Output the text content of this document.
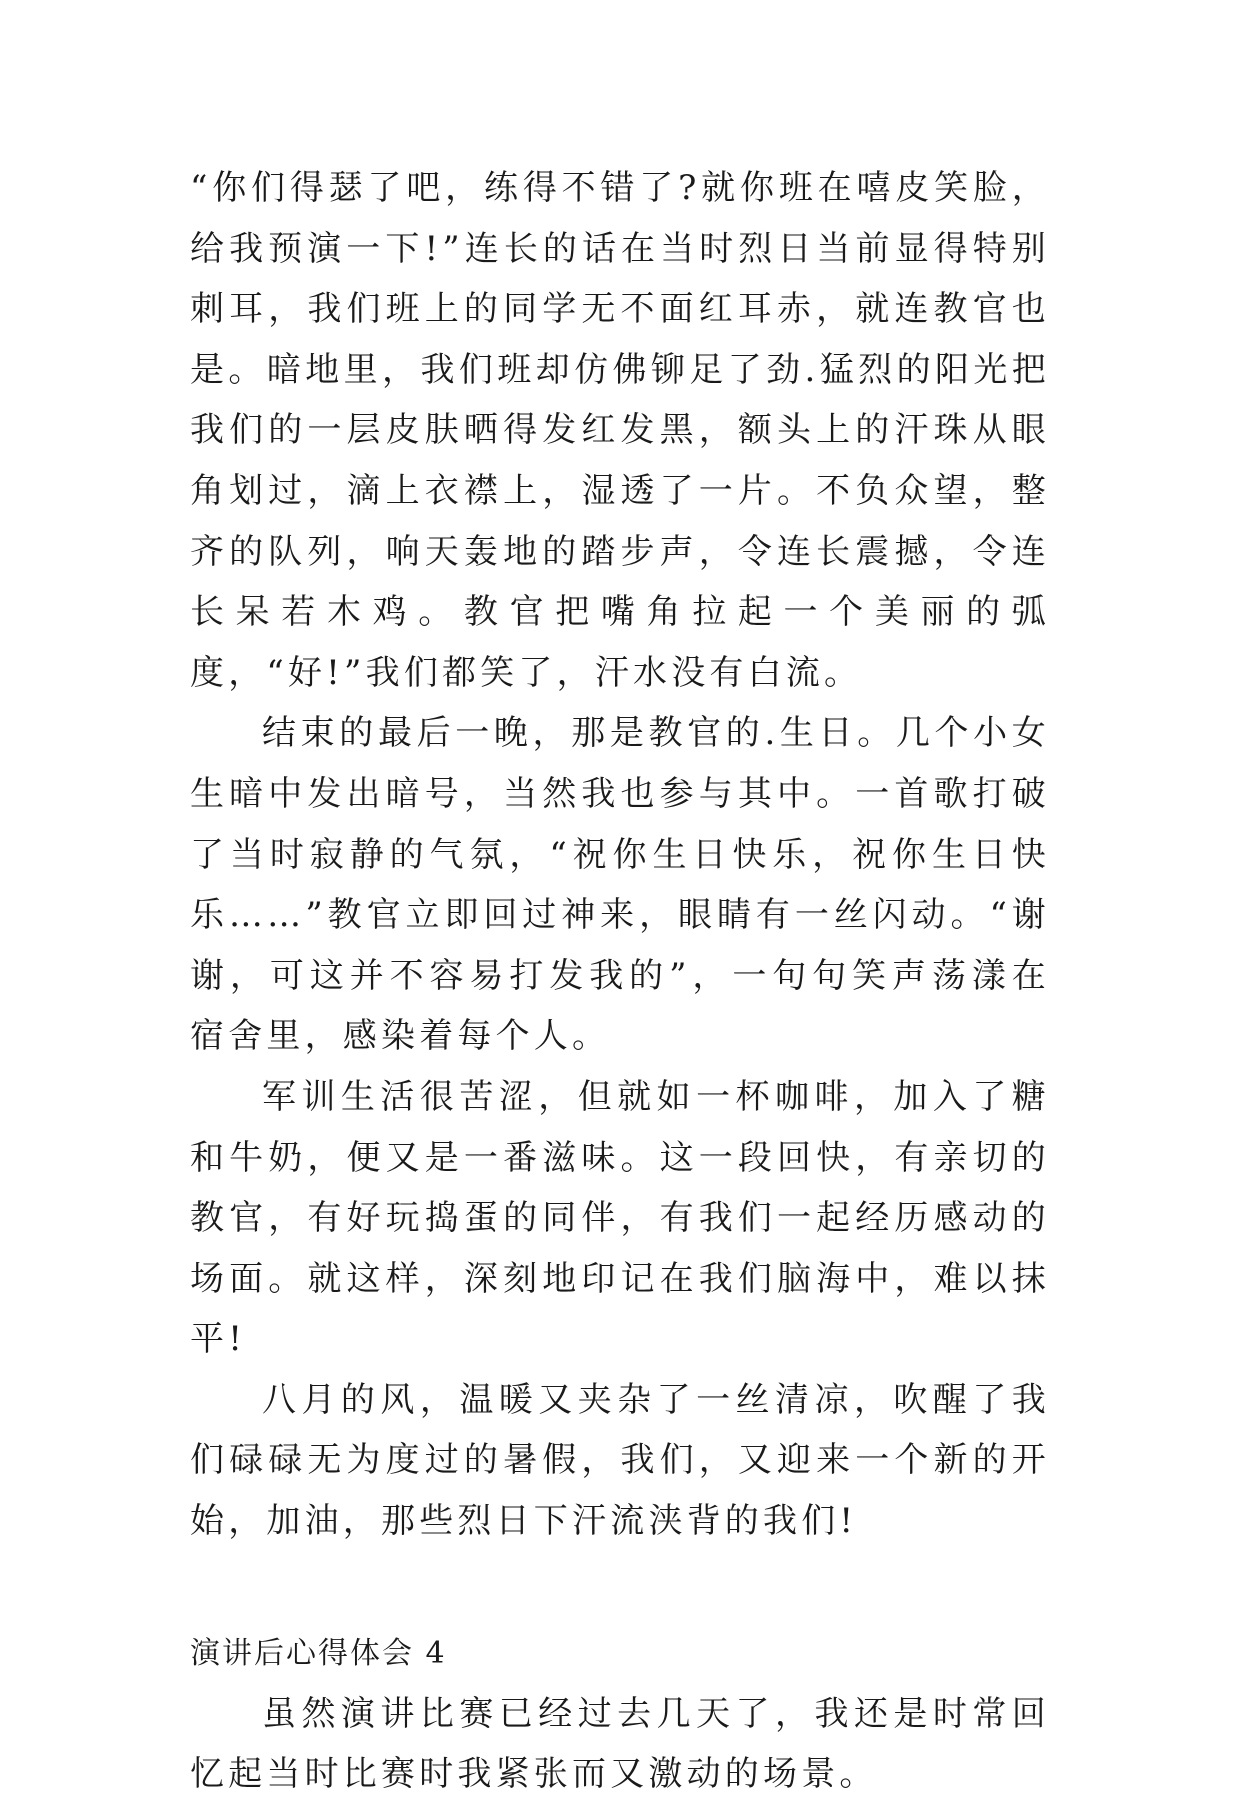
“你们得瑟了吧，练得不错了?就你班在嘻皮笑脸，给我预演一下!”连长的话在当时烈日当前显得特别刺耳，我们班上的同学无不面红耳赤，就连教官也是。暗地里，我们班却仿佛铆足了劲.猛烈的阳光把我们的一层皮肤晒得发红发黑，额头上的汗珠从眼角划过，滴上衣襟上，湿透了一片。不负众望，整齐的队列，响天轰地的踏步声，令连长震撼，令连长呆若木鸡。教官把嘴角拉起一个美丽的弧度，“好!”我们都笑了，汗水没有白流。

结束的最后一晚，那是教官的.生日。几个小女生暗中发出暗号，当然我也参与其中。一首歌打破了当时寂静的气氛，“祝你生日快乐，祝你生日快乐……”教官立即回过神来，眼睛有一丝闪动。“谢谢，可这并不容易打发我的”，一句句笑声荡漾在宿舍里，感染着每个人。

军训生活很苦涩，但就如一杯咖啡，加入了糖和牛奶，便又是一番滋味。这一段回快，有亲切的教官，有好玩捣蛋的同伴，有我们一起经历感动的场面。就这样，深刻地印记在我们脑海中，难以抹平!

八月的风，温暖又夹杂了一丝清凉，吹醒了我们碌碌无为度过的暑假，我们，又迎来一个新的开始，加油，那些烈日下汗流浃背的我们!

演讲后心得体会 4

虽然演讲比赛已经过去几天了，我还是时常回忆起当时比赛时我紧张而又激动的场景。
